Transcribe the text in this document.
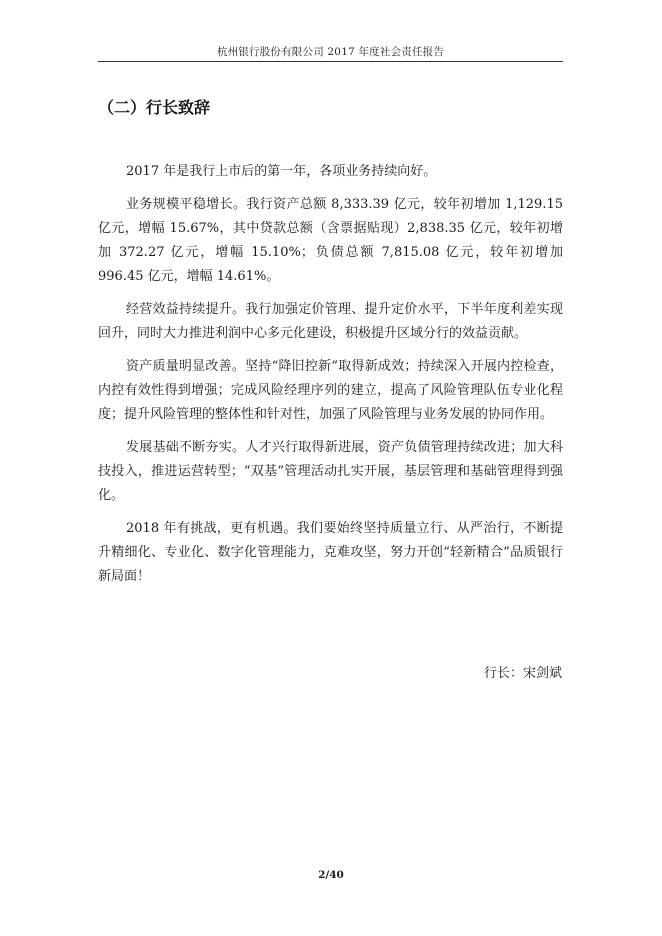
杭州银行股份有限公司 2017 年度社会责任报告
（二）行长致辞

2017 年是我行上市后的第一年，各项业务持续向好。

业务规模平稳增长。我行资产总额 8,333.39 亿元，较年初增加 1,129.15 亿元，增幅 15.67%，其中贷款总额（含票据贴现）2,838.35 亿元，较年初增加 372.27 亿元，增幅 15.10%；负债总额 7,815.08 亿元，较年初增加 996.45 亿元，增幅 14.61%。

经营效益持续提升。我行加强定价管理、提升定价水平，下半年度利差实现回升，同时大力推进利润中心多元化建设，积极提升区域分行的效益贡献。

资产质量明显改善。坚持“降旧控新”取得新成效；持续深入开展内控检查，内控有效性得到增强；完成风险经理序列的建立，提高了风险管理队伍专业化程度；提升风险管理的整体性和针对性，加强了风险管理与业务发展的协同作用。

发展基础不断夯实。人才兴行取得新进展，资产负债管理持续改进；加大科技投入，推进运营转型；“双基”管理活动扎实开展，基层管理和基础管理得到强化。

2018 年有挑战，更有机遇。我们要始终坚持质量立行、从严治行，不断提升精细化、专业化、数字化管理能力，克难攻坚，努力开创“轻新精合”品质银行新局面！

行长：宋剑斌
2/40
